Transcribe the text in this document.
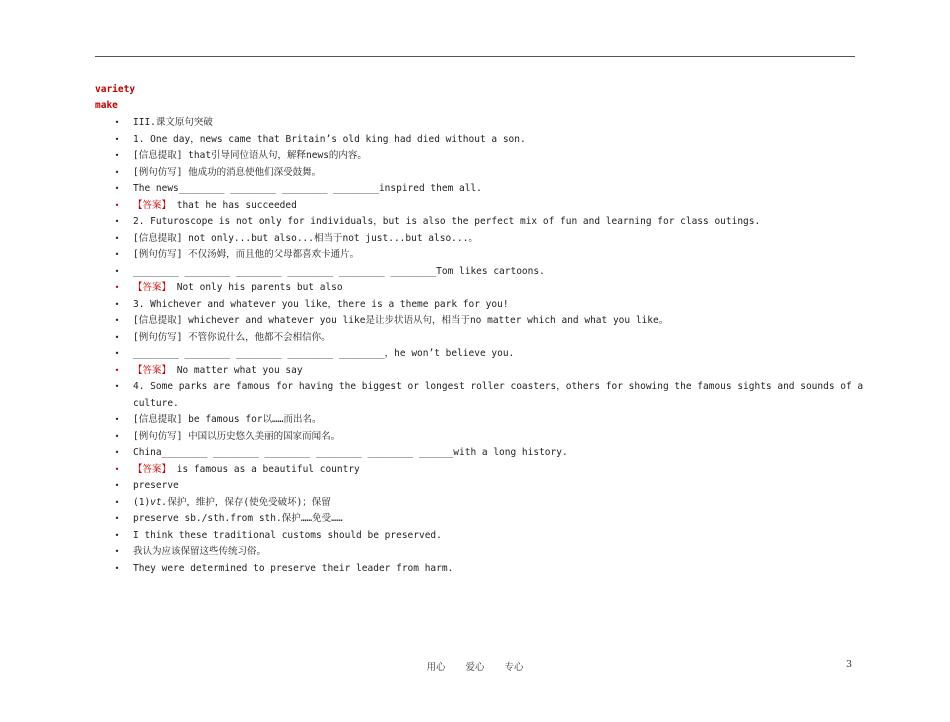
variety
make
• III.课文原句突破
• 1. One day，news came that Britain’s old king had died without a son.
• [信息提取] that引导同位语从句，解释news的内容。
• [例句仿写] 他成功的消息使他们深受鼓舞。
• The news________ ________ ________ ________inspired them all.
• 【答案】 that he has succeeded
• 2. Futuroscope is not only for individuals，but is also the perfect mix of fun and learning for class outings.
• [信息提取] not only...but also...相当于not just...but also...。
• [例句仿写] 不仅汤姆，而且他的父母都喜欢卡通片。
• ________ ________ ________ ________ ________ ________Tom likes cartoons.
• 【答案】 Not only his parents but also
• 3. Whichever and whatever you like，there is a theme park for you!
• [信息提取] whichever and whatever you like是让步状语从句，相当于no matter which and what you like。
• [例句仿写] 不管你说什么，他都不会相信你。
• ________ ________ ________ ________ ________，he won’t believe you.
• 【答案】 No matter what you say
• 4. Some parks are famous for having the biggest or longest roller coasters，others for showing the famous sights and sounds of a
culture.
• [信息提取] be famous for以……而出名。
• [例句仿写] 中国以历史悠久美丽的国家而闻名。
• China________ ________ ________ ________ ________ ______with a long history.
• 【答案】 is famous as a beautiful country
• preserve
• (1)vt.保护，维护，保存(使免受破坏)；保留
• preserve sb./sth.from sth.保护……免受……
• I think these traditional customs should be preserved.
• 我认为应该保留这些传统习俗。
• They were determined to preserve their leader from harm.
用心 爱心 专心	3
